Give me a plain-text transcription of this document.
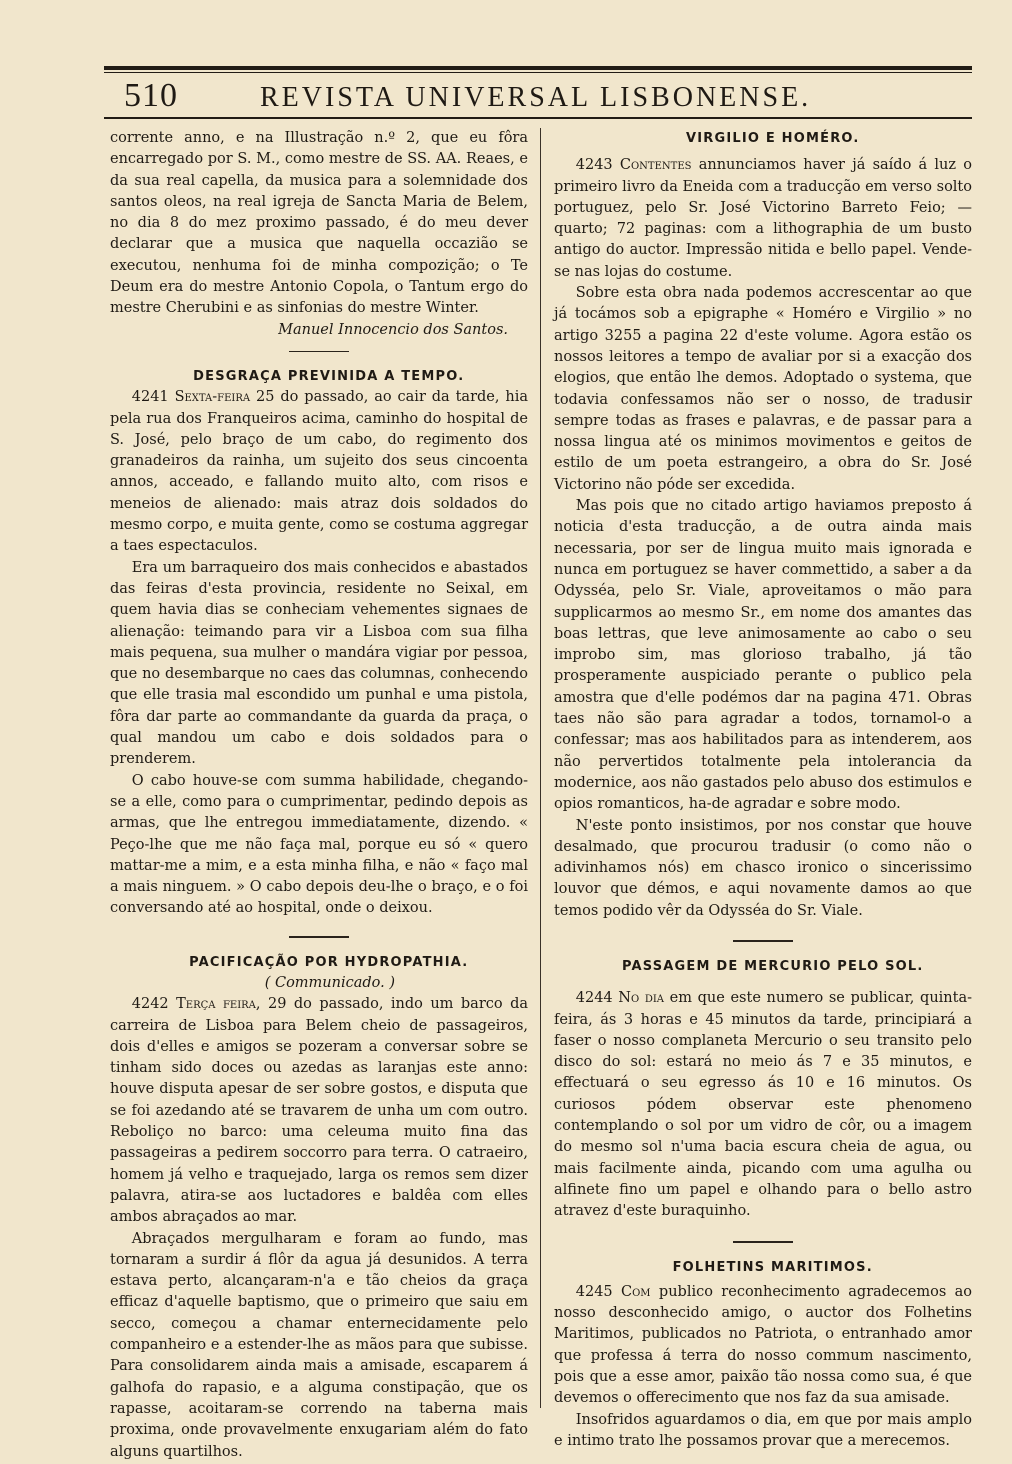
510	REVISTA UNIVERSAL LISBONENSE.

corrente anno, e na Illustração n.º 2, que eu fôra encarregado por S. M., como mestre de SS. AA. Reaes, e da sua real capella, da musica para a solemnidade dos santos oleos, na real igreja de Sancta Maria de Belem, no dia 8 do mez proximo passado, é do meu dever declarar que a musica que naquella occazião se executou, nenhuma foi de minha compozição; o Te Deum era do mestre Antonio Copola, o Tantum ergo do mestre Cherubini e as sinfonias do mestre Winter.

Manuel Innocencio dos Santos.

DESGRAÇA PREVINIDA A TEMPO.

4241 Sexta-feira 25 do passado, ao cair da tarde, hia pela rua dos Franqueiros acima, caminho do hospital de S. José, pelo braço de um cabo, do regimento dos granadeiros da rainha, um sujeito dos seus cincoenta annos, acceado, e fallando muito alto, com risos e meneios de alienado: mais atraz dois soldados do mesmo corpo, e muita gente, como se costuma aggregar a taes espectaculos.

Era um barraqueiro dos mais conhecidos e abastados das feiras d'esta provincia, residente no Seixal, em quem havia dias se conheciam vehementes signaes de alienação: teimando para vir a Lisboa com sua filha mais pequena, sua mulher o mandára vigiar por pessoa, que no desembarque no caes das columnas, conhecendo que elle trasia mal escondido um punhal e uma pistola, fôra dar parte ao commandante da guarda da praça, o qual mandou um cabo e dois soldados para o prenderem.

O cabo houve-se com summa habilidade, chegando-se a elle, como para o cumprimentar, pedindo depois as armas, que lhe entregou immediatamente, dizendo. « Peço-lhe que me não faça mal, porque eu só « quero mattar-me a mim, e a esta minha filha, e não « faço mal a mais ninguem. » O cabo depois deu-lhe o braço, e o foi conversando até ao hospital, onde o deixou.

PACIFICAÇÃO POR HYDROPATHIA.

( Communicado. )

4242 Terça feira, 29 do passado, indo um barco da carreira de Lisboa para Belem cheio de passageiros, dois d'elles e amigos se pozeram a conversar sobre se tinham sido doces ou azedas as laranjas este anno: houve disputa apesar de ser sobre gostos, e disputa que se foi azedando até se travarem de unha um com outro. Reboliço no barco: uma celeuma muito fina das passageiras a pedirem soccorro para terra. O catraeiro, homem já velho e traquejado, larga os remos sem dizer palavra, atira-se aos luctadores e baldêa com elles ambos abraçados ao mar.

Abraçados mergulharam e foram ao fundo, mas tornaram a surdir á flôr da agua já desunidos. A terra estava perto, alcançaram-n'a e tão cheios da graça efficaz d'aquelle baptismo, que o primeiro que saiu em secco, começou a chamar enternecidamente pelo companheiro e a estender-lhe as mãos para que subisse. Para consolidarem ainda mais a amisade, escaparem á galhofa do rapasio, e a alguma constipação, que os rapasse, acoitaram-se correndo na taberna mais proxima, onde provavelmente enxugariam além do fato alguns quartilhos.

VIRGILIO E HOMÉRO.

4243 Contentes annunciamos haver já saído á luz o primeiro livro da Eneida com a traducção em verso solto portuguez, pelo Sr. José Victorino Barreto Feio; — quarto; 72 paginas: com a lithographia de um busto antigo do auctor. Impressão nitida e bello papel. Vende-se nas lojas do costume.

Sobre esta obra nada podemos accrescentar ao que já tocámos sob a epigraphe « Homéro e Virgilio » no artigo 3255 a pagina 22 d'este volume. Agora estão os nossos leitores a tempo de avaliar por si a exacção dos elogios, que então lhe demos. Adoptado o systema, que todavia confessamos não ser o nosso, de tradusir sempre todas as frases e palavras, e de passar para a nossa lingua até os minimos movimentos e geitos de estilo de um poeta estrangeiro, a obra do Sr. José Victorino não póde ser excedida.

Mas pois que no citado artigo haviamos preposto á noticia d'esta traducção, a de outra ainda mais necessaria, por ser de lingua muito mais ignorada e nunca em portuguez se haver commettido, a saber a da Odysséa, pelo Sr. Viale, aproveitamos o mão para supplicarmos ao mesmo Sr., em nome dos amantes das boas lettras, que leve animosamente ao cabo o seu improbo sim, mas glorioso trabalho, já tão prosperamente auspiciado perante o publico pela amostra que d'elle podémos dar na pagina 471. Obras taes não são para agradar a todos, tornamol-o a confessar; mas aos habilitados para as intenderem, aos não pervertidos totalmente pela intolerancia da modernice, aos não gastados pelo abuso dos estimulos e opios romanticos, ha-de agradar e sobre modo.

N'este ponto insistimos, por nos constar que houve desalmado, que procurou tradusir (o como não o adivinhamos nós) em chasco ironico o sincerissimo louvor que démos, e aqui novamente damos ao que temos podido vêr da Odysséa do Sr. Viale.

PASSAGEM DE MERCURIO PELO SOL.

4244 No dia em que este numero se publicar, quinta-feira, ás 3 horas e 45 minutos da tarde, principiará a faser o nosso complaneta Mercurio o seu transito pelo disco do sol: estará no meio ás 7 e 35 minutos, e effectuará o seu egresso ás 10 e 16 minutos. Os curiosos pódem observar este phenomeno contemplando o sol por um vidro de côr, ou a imagem do mesmo sol n'uma bacia escura cheia de agua, ou mais facilmente ainda, picando com uma agulha ou alfinete fino um papel e olhando para o bello astro atravez d'este buraquinho.

FOLHETINS MARITIMOS.

4245 Com publico reconhecimento agradecemos ao nosso desconhecido amigo, o auctor dos Folhetins Maritimos, publicados no Patriota, o entranhado amor que professa á terra do nosso commum nascimento, pois que a esse amor, paixão tão nossa como sua, é que devemos o offerecimento que nos faz da sua amisade.

Insofridos aguardamos o dia, em que por mais amplo e intimo trato lhe possamos provar que a merecemos.
